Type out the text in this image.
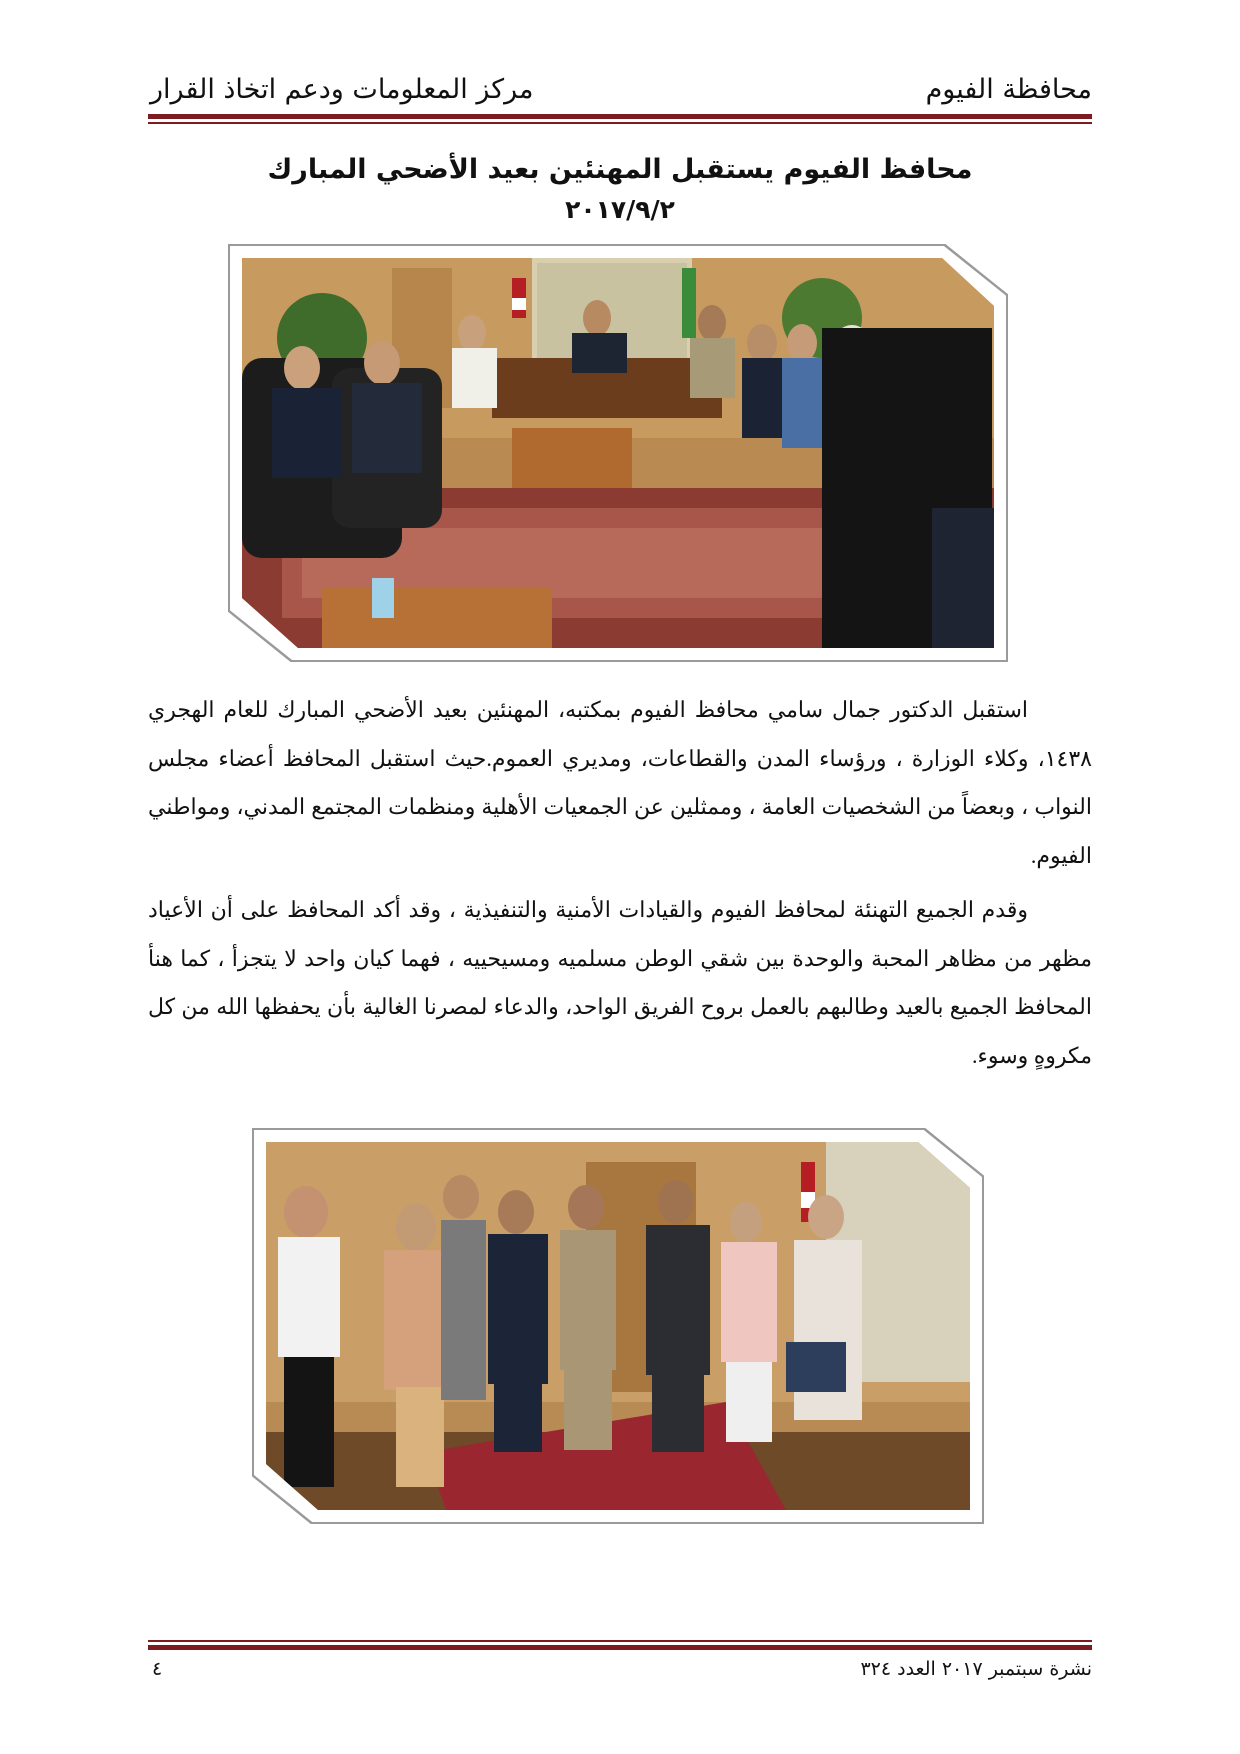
محافظة الفيوم
مركز المعلومات ودعم اتخاذ القرار
محافظ الفيوم يستقبل المهنئين بعيد الأضحي المبارك
٢٠١٧/٩/٢
استقبل الدكتور جمال سامي محافظ الفيوم بمكتبه، المهنئين بعيد الأضحي المبارك للعام الهجري ١٤٣٨، وكلاء الوزارة ، ورؤساء المدن والقطاعات، ومديري العموم.حيث استقبل المحافظ أعضاء مجلس النواب ، وبعضاً من الشخصيات العامة ، وممثلين عن الجمعيات الأهلية ومنظمات المجتمع المدني، ومواطني الفيوم.
وقدم الجميع التهنئة لمحافظ الفيوم والقيادات الأمنية والتنفيذية ، وقد أكد المحافظ على أن الأعياد مظهر من مظاهر المحبة والوحدة بين شقي الوطن مسلميه ومسيحييه ، فهما كيان واحد لا يتجزأ ، كما هنأ المحافظ الجميع بالعيد وطالبهم بالعمل بروح الفريق الواحد، والدعاء لمصرنا الغالية بأن يحفظها الله من كل مكروهٍ وسوء.
نشرة سبتمبر ٢٠١٧ العدد ٣٢٤
٤
